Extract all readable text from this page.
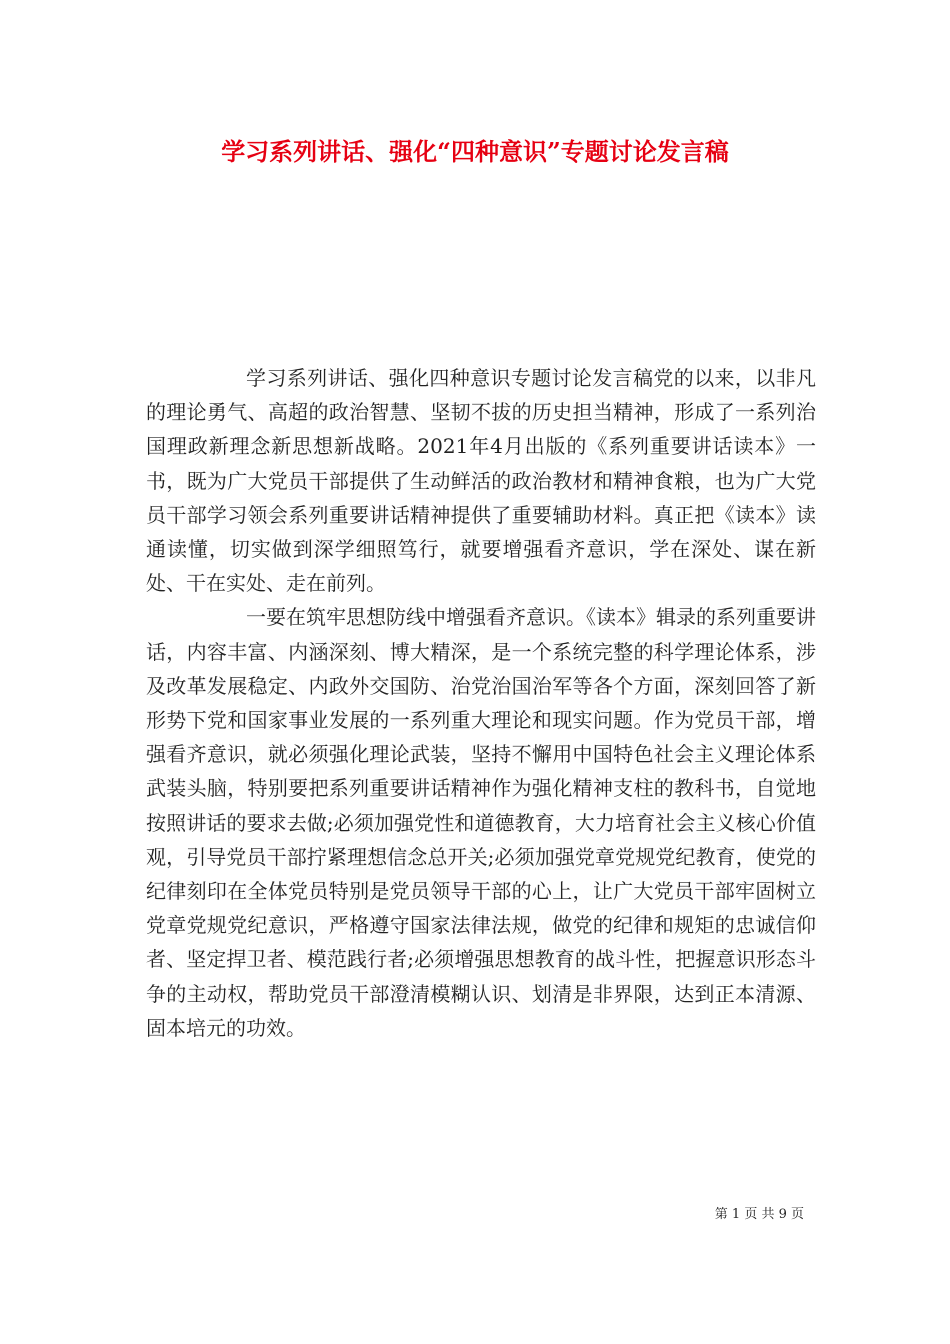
学习系列讲话、强化“四种意识”专题讨论发言稿

学习系列讲话、强化四种意识专题讨论发言稿党的以来，以非凡的理论勇气、高超的政治智慧、坚韧不拔的历史担当精神，形成了一系列治国理政新理念新思想新战略。2021年4月出版的《系列重要讲话读本》一书，既为广大党员干部提供了生动鲜活的政治教材和精神食粮，也为广大党员干部学习领会系列重要讲话精神提供了重要辅助材料。真正把《读本》读通读懂，切实做到深学细照笃行，就要增强看齐意识，学在深处、谋在新处、干在实处、走在前列。

一要在筑牢思想防线中增强看齐意识。《读本》辑录的系列重要讲话，内容丰富、内涵深刻、博大精深，是一个系统完整的科学理论体系，涉及改革发展稳定、内政外交国防、治党治国治军等各个方面，深刻回答了新形势下党和国家事业发展的一系列重大理论和现实问题。作为党员干部，增强看齐意识，就必须强化理论武装，坚持不懈用中国特色社会主义理论体系武装头脑，特别要把系列重要讲话精神作为强化精神支柱的教科书，自觉地按照讲话的要求去做;必须加强党性和道德教育，大力培育社会主义核心价值观，引导党员干部拧紧理想信念总开关;必须加强党章党规党纪教育，使党的纪律刻印在全体党员特别是党员领导干部的心上，让广大党员干部牢固树立党章党规党纪意识，严格遵守国家法律法规，做党的纪律和规矩的忠诚信仰者、坚定捍卫者、模范践行者;必须增强思想教育的战斗性，把握意识形态斗争的主动权，帮助党员干部澄清模糊认识、划清是非界限，达到正本清源、固本培元的功效。

第 1 页 共 9 页
